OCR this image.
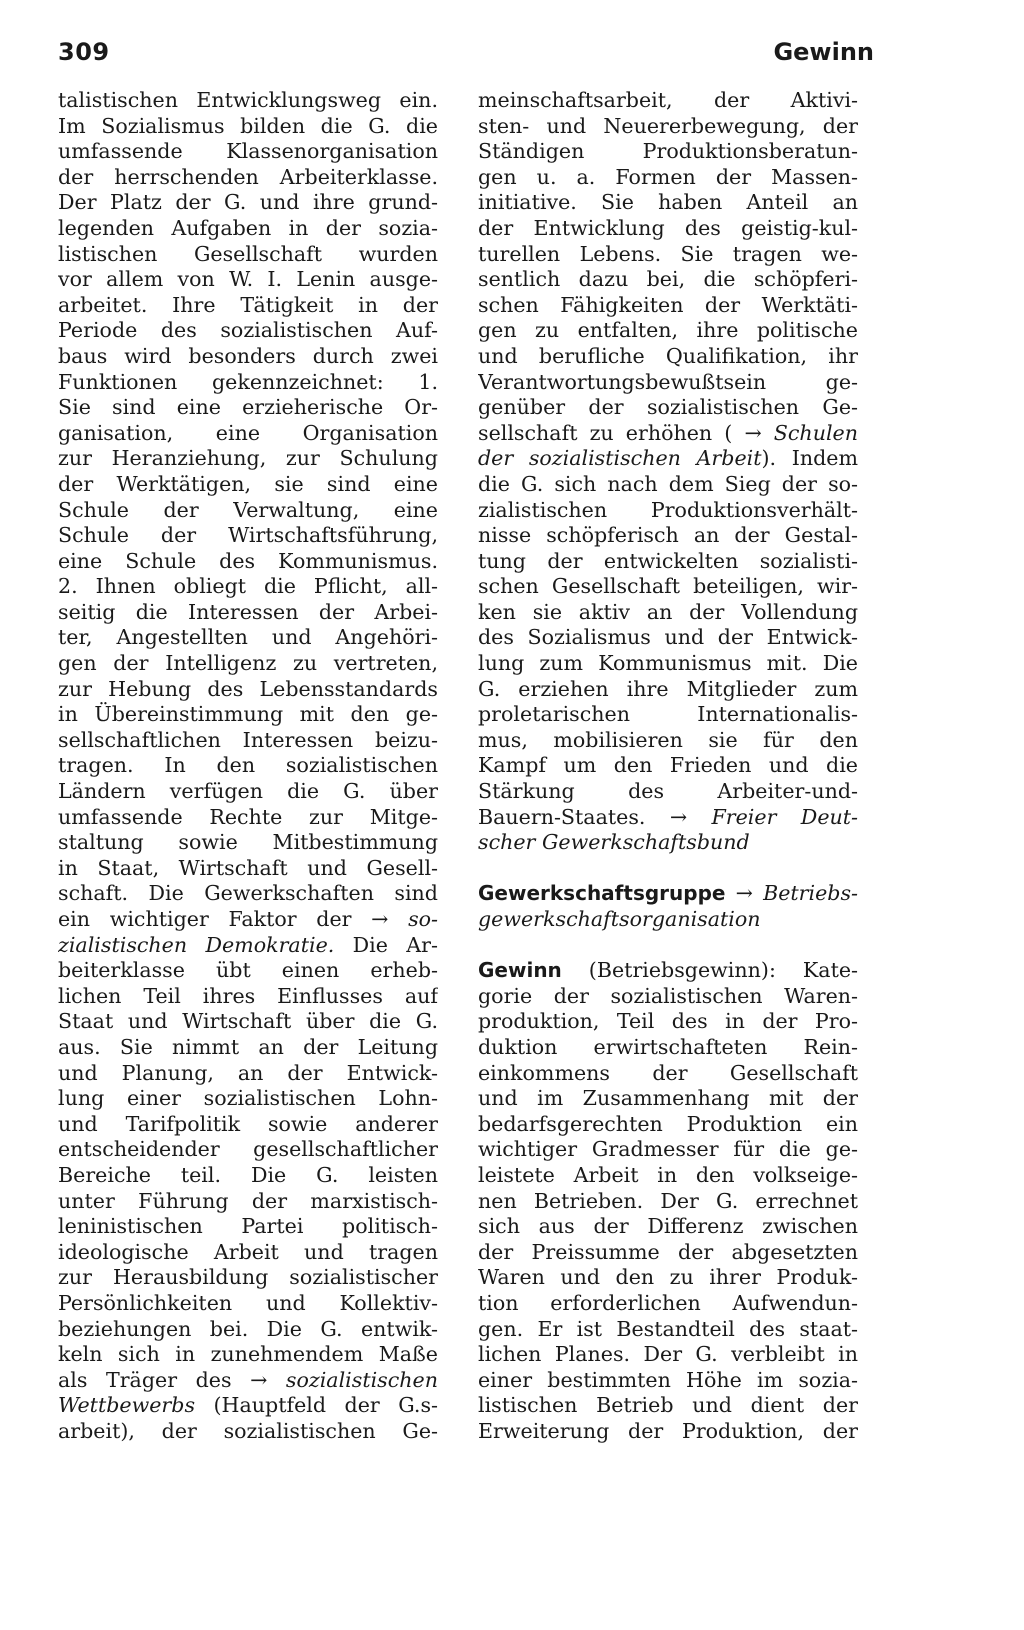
309	Gewinn
talistischen Entwicklungsweg ein.
Im Sozialismus bilden die G. die
umfassende Klassenorganisation
der herrschenden Arbeiterklasse.
Der Platz der G. und ihre grund-
legenden Aufgaben in der sozia-
listischen Gesellschaft wurden
vor allem von W. I. Lenin ausge-
arbeitet. Ihre Tätigkeit in der
Periode des sozialistischen Auf-
baus wird besonders durch zwei
Funktionen gekennzeichnet: 1.
Sie sind eine erzieherische Or-
ganisation, eine Organisation
zur Heranziehung, zur Schulung
der Werktätigen, sie sind eine
Schule der Verwaltung, eine
Schule der Wirtschaftsführung,
eine Schule des Kommunismus.
2. Ihnen obliegt die Pflicht, all-
seitig die Interessen der Arbei-
ter, Angestellten und Angehöri-
gen der Intelligenz zu vertreten,
zur Hebung des Lebensstandards
in Übereinstimmung mit den ge-
sellschaftlichen Interessen beizu-
tragen. In den sozialistischen
Ländern verfügen die G. über
umfassende Rechte zur Mitge-
staltung sowie Mitbestimmung
in Staat, Wirtschaft und Gesell-
schaft. Die Gewerkschaften sind
ein wichtiger Faktor der → so-
zialistischen Demokratie. Die Ar-
beiterklasse übt einen erheb-
lichen Teil ihres Einflusses auf
Staat und Wirtschaft über die G.
aus. Sie nimmt an der Leitung
und Planung, an der Entwick-
lung einer sozialistischen Lohn-
und Tarifpolitik sowie anderer
entscheidender gesellschaftlicher
Bereiche teil. Die G. leisten
unter Führung der marxistisch-
leninistischen Partei politisch-
ideologische Arbeit und tragen
zur Herausbildung sozialistischer
Persönlichkeiten und Kollektiv-
beziehungen bei. Die G. entwik-
keln sich in zunehmendem Maße
als Träger des → sozialistischen
Wettbewerbs (Hauptfeld der G.s-
arbeit), der sozialistischen Ge-
meinschaftsarbeit, der Aktivi-
sten- und Neuererbewegung, der
Ständigen Produktionsberatun-
gen u. a. Formen der Massen-
initiative. Sie haben Anteil an
der Entwicklung des geistig-kul-
turellen Lebens. Sie tragen we-
sentlich dazu bei, die schöpferi-
schen Fähigkeiten der Werktäti-
gen zu entfalten, ihre politische
und berufliche Qualifikation, ihr
Verantwortungsbewußtsein ge-
genüber der sozialistischen Ge-
sellschaft zu erhöhen ( → Schulen
der sozialistischen Arbeit). Indem
die G. sich nach dem Sieg der so-
zialistischen Produktionsverhält-
nisse schöpferisch an der Gestal-
tung der entwickelten sozialisti-
schen Gesellschaft beteiligen, wir-
ken sie aktiv an der Vollendung
des Sozialismus und der Entwick-
lung zum Kommunismus mit. Die
G. erziehen ihre Mitglieder zum
proletarischen Internationalis-
mus, mobilisieren sie für den
Kampf um den Frieden und die
Stärkung des Arbeiter-und-
Bauern-Staates. → Freier Deut-
scher Gewerkschaftsbund
Gewerkschaftsgruppe → Betriebs-
gewerkschaftsorganisation
Gewinn (Betriebsgewinn): Kate-
gorie der sozialistischen Waren-
produktion, Teil des in der Pro-
duktion erwirtschafteten Rein-
einkommens der Gesellschaft
und im Zusammenhang mit der
bedarfsgerechten Produktion ein
wichtiger Gradmesser für die ge-
leistete Arbeit in den volkseige-
nen Betrieben. Der G. errechnet
sich aus der Differenz zwischen
der Preissumme der abgesetzten
Waren und den zu ihrer Produk-
tion erforderlichen Aufwendun-
gen. Er ist Bestandteil des staat-
lichen Planes. Der G. verbleibt in
einer bestimmten Höhe im sozia-
listischen Betrieb und dient der
Erweiterung der Produktion, der
